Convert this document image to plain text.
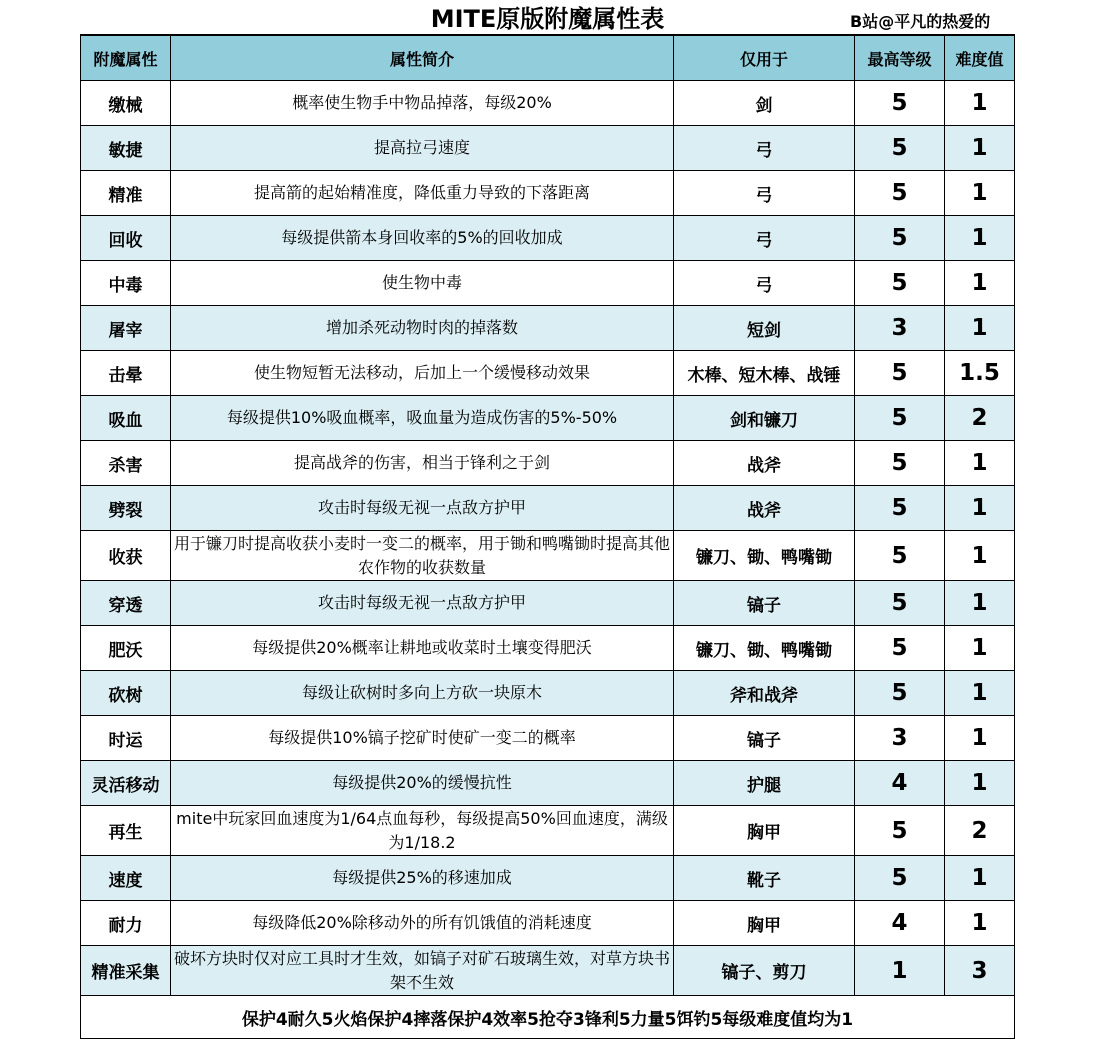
MITE原版附魔属性表	B站@平凡的热爱的
附魔属性	属性简介	仅用于	最高等级	难度值
缴械	概率使生物手中物品掉落，每级20%	剑	5	1
敏捷	提高拉弓速度	弓	5	1
精准	提高箭的起始精准度，降低重力导致的下落距离	弓	5	1
回收	每级提供箭本身回收率的5%的回收加成	弓	5	1
中毒	使生物中毒	弓	5	1
屠宰	增加杀死动物时肉的掉落数	短剑	3	1
击晕	使生物短暂无法移动，后加上一个缓慢移动效果	木棒、短木棒、战锤	5	1.5
吸血	每级提供10%吸血概率，吸血量为造成伤害的5%-50%	剑和镰刀	5	2
杀害	提高战斧的伤害，相当于锋利之于剑	战斧	5	1
劈裂	攻击时每级无视一点敌方护甲	战斧	5	1
收获	用于镰刀时提高收获小麦时一变二的概率，用于锄和鸭嘴锄时提高其他农作物的收获数量	镰刀、锄、鸭嘴锄	5	1
穿透	攻击时每级无视一点敌方护甲	镐子	5	1
肥沃	每级提供20%概率让耕地或收菜时土壤变得肥沃	镰刀、锄、鸭嘴锄	5	1
砍树	每级让砍树时多向上方砍一块原木	斧和战斧	5	1
时运	每级提供10%镐子挖矿时使矿一变二的概率	镐子	3	1
灵活移动	每级提供20%的缓慢抗性	护腿	4	1
再生	mite中玩家回血速度为1/64点血每秒，每级提高50%回血速度，满级为1/18.2	胸甲	5	2
速度	每级提供25%的移速加成	靴子	5	1
耐力	每级降低20%除移动外的所有饥饿值的消耗速度	胸甲	4	1
精准采集	破坏方块时仅对应工具时才生效，如镐子对矿石玻璃生效，对草方块书架不生效	镐子、剪刀	1	3
保护4耐久5火焰保护4摔落保护4效率5抢夺3锋利5力量5饵钓5每级难度值均为1				
